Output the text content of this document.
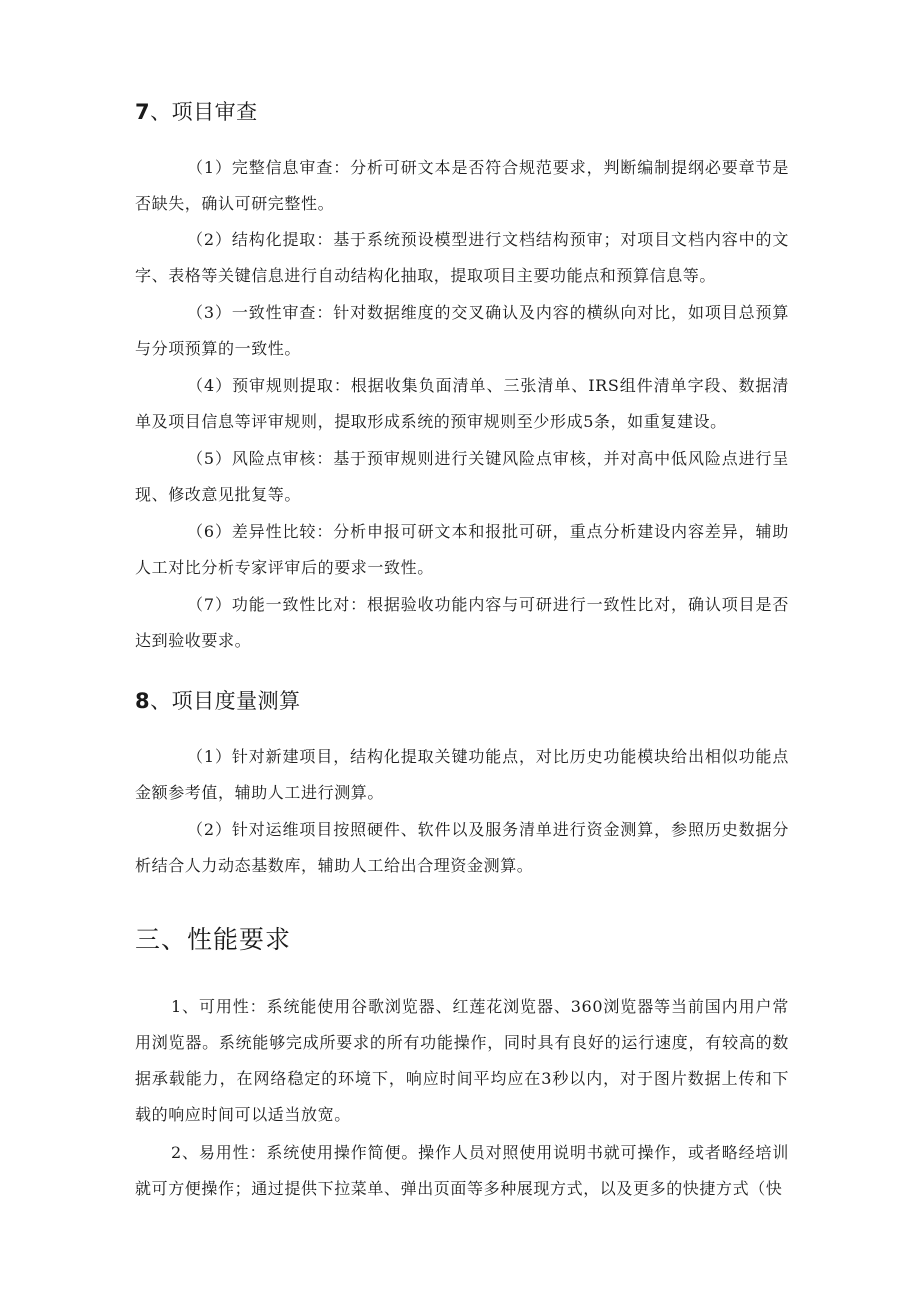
7、项目审查

（1）完整信息审查：分析可研文本是否符合规范要求，判断编制提纲必要章节是否缺失，确认可研完整性。

（2）结构化提取：基于系统预设模型进行文档结构预审；对项目文档内容中的文字、表格等关键信息进行自动结构化抽取，提取项目主要功能点和预算信息等。

（3）一致性审查：针对数据维度的交叉确认及内容的横纵向对比，如项目总预算与分项预算的一致性。

（4）预审规则提取：根据收集负面清单、三张清单、IRS组件清单字段、数据清单及项目信息等评审规则，提取形成系统的预审规则至少形成5条，如重复建设。

（5）风险点审核：基于预审规则进行关键风险点审核，并对高中低风险点进行呈现、修改意见批复等。

（6）差异性比较：分析申报可研文本和报批可研，重点分析建设内容差异，辅助人工对比分析专家评审后的要求一致性。

（7）功能一致性比对：根据验收功能内容与可研进行一致性比对，确认项目是否达到验收要求。

8、项目度量测算

（1）针对新建项目，结构化提取关键功能点，对比历史功能模块给出相似功能点金额参考值，辅助人工进行测算。

（2）针对运维项目按照硬件、软件以及服务清单进行资金测算，参照历史数据分析结合人力动态基数库，辅助人工给出合理资金测算。

三、性能要求

1、可用性：系统能使用谷歌浏览器、红莲花浏览器、360浏览器等当前国内用户常用浏览器。系统能够完成所要求的所有功能操作，同时具有良好的运行速度，有较高的数据承载能力，在网络稳定的环境下，响应时间平均应在3秒以内，对于图片数据上传和下载的响应时间可以适当放宽。

2、易用性：系统使用操作简便。操作人员对照使用说明书就可操作，或者略经培训就可方便操作；通过提供下拉菜单、弹出页面等多种展现方式，以及更多的快捷方式（快
